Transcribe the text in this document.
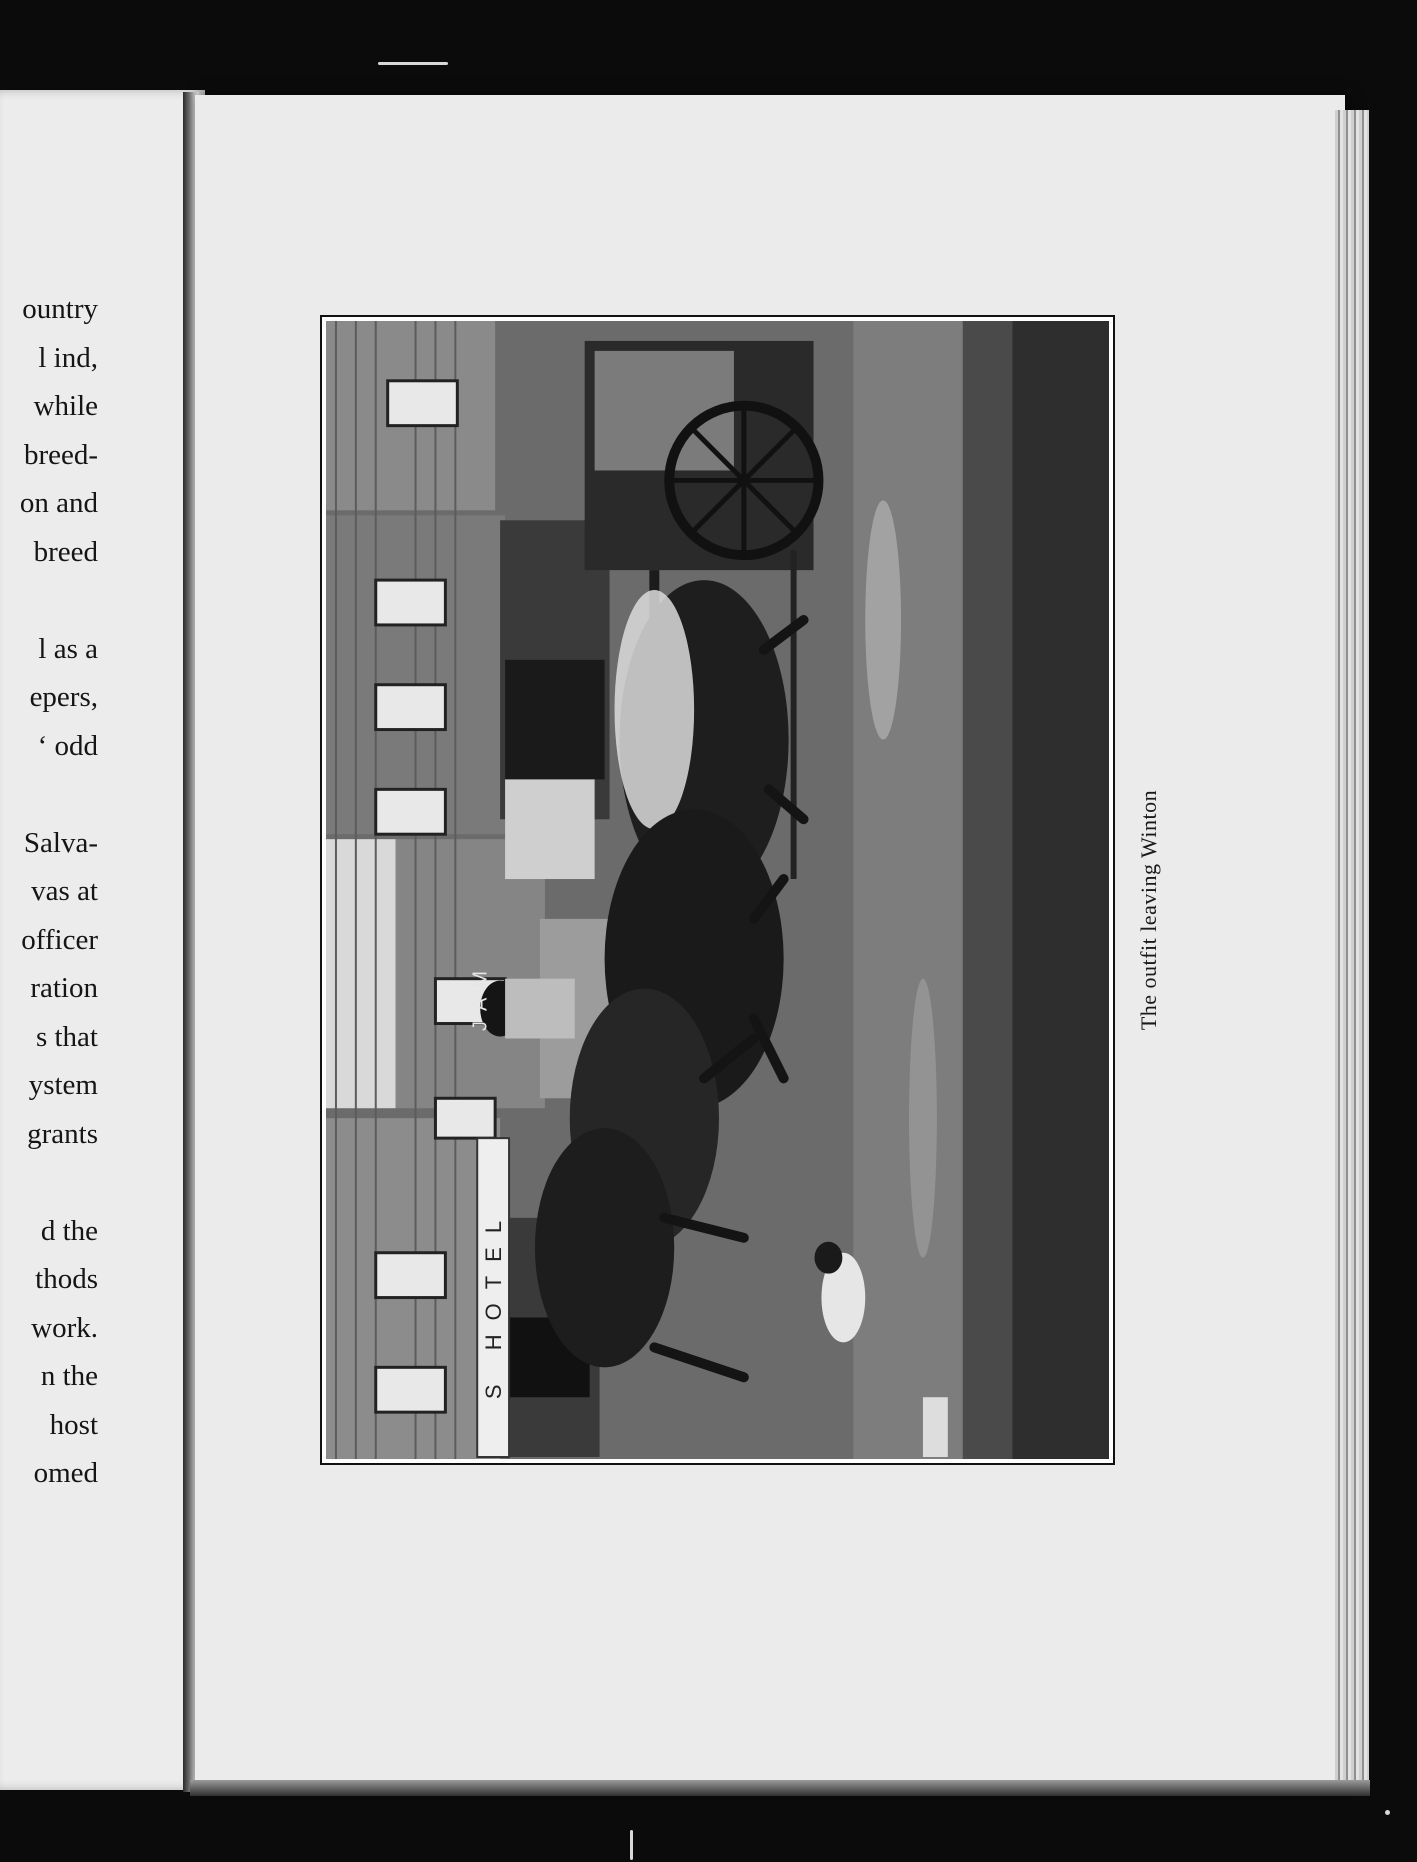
ountry
l ind,
while
breed-
on and
breed
l as a
epers,
‘ odd
Salva-
vas at
officer
ration
s that
ystem
grants
d the
thods
work.
n the
host
omed
S HOTEL
JAM	The outfit leaving Winton
